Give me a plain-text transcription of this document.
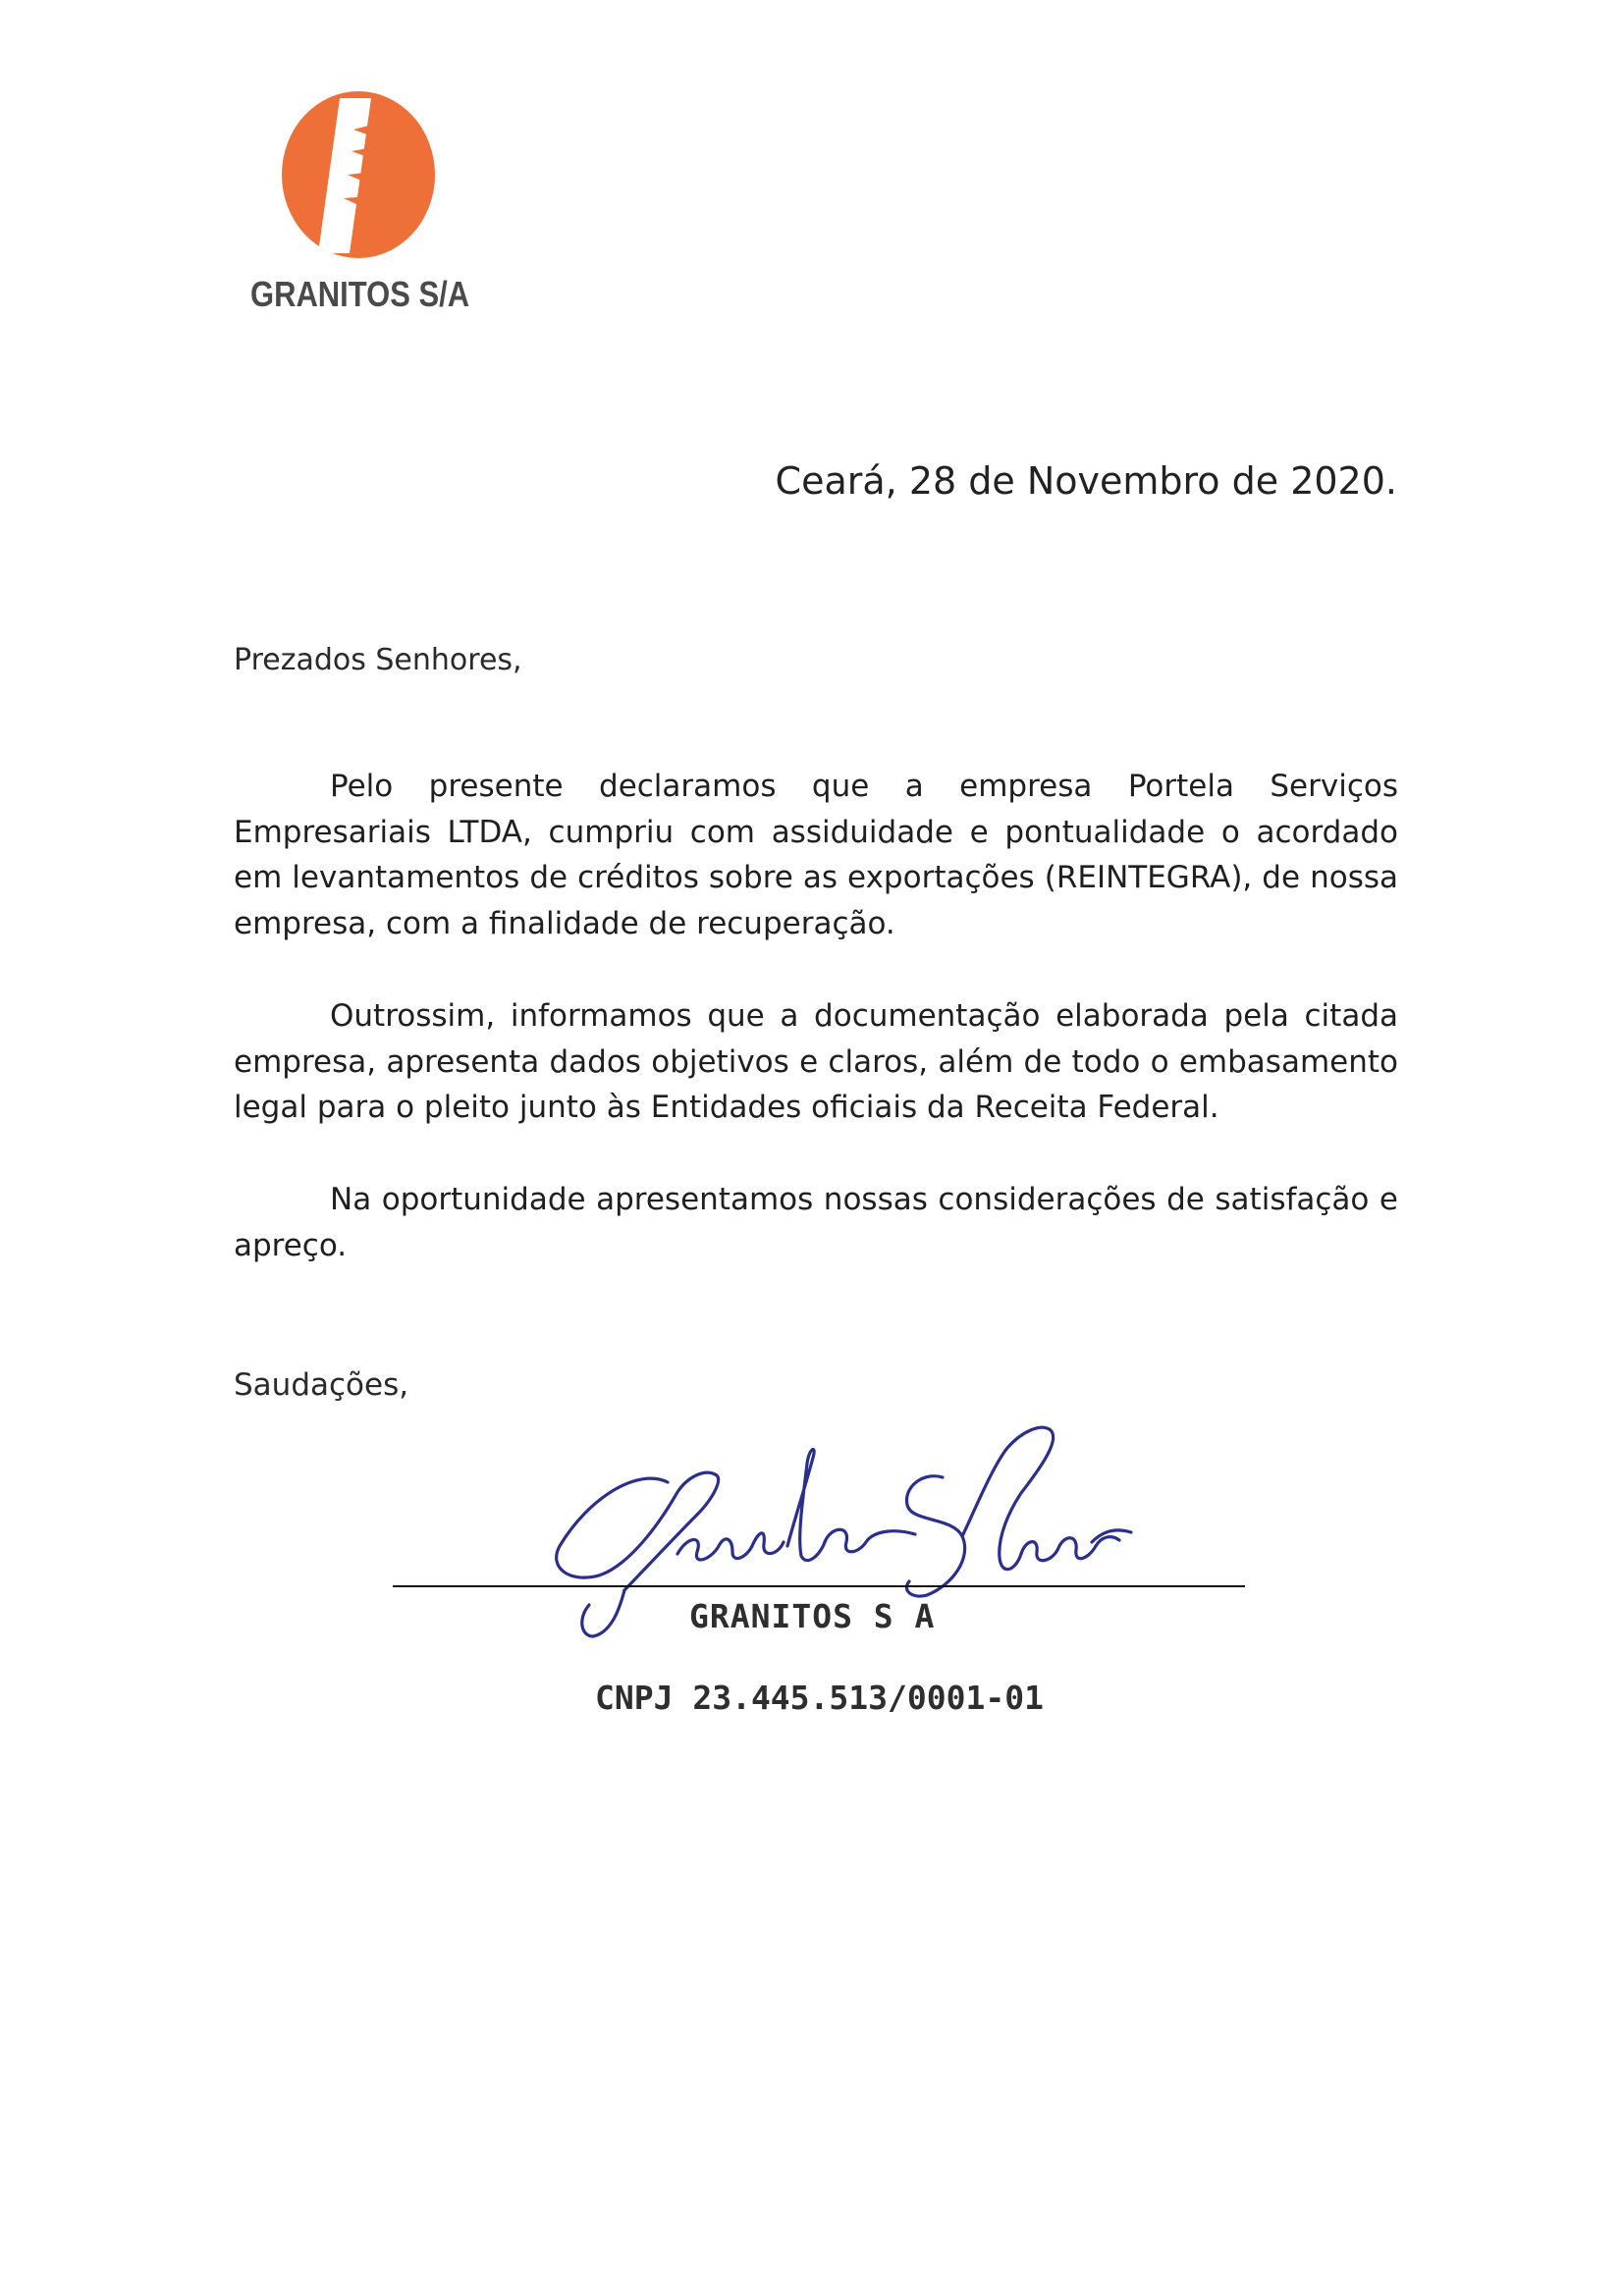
GRANITOS S/A
Ceará, 28 de Novembro de 2020.
Prezados Senhores,

Pelo presente declaramos que a empresa Portela Serviços Empresariais LTDA, cumpriu com assiduidade e pontualidade o acordado em levantamentos de créditos sobre as exportações (REINTEGRA), de nossa empresa, com a finalidade de recuperação.

Outrossim, informamos que a documentação elaborada pela citada empresa, apresenta dados objetivos e claros, além de todo o embasamento legal para o pleito junto às Entidades oficiais da Receita Federal.

Na oportunidade apresentamos nossas considerações de satisfação e apreço.

Saudações,
GRANITOS S A
CNPJ 23.445.513/0001-01
